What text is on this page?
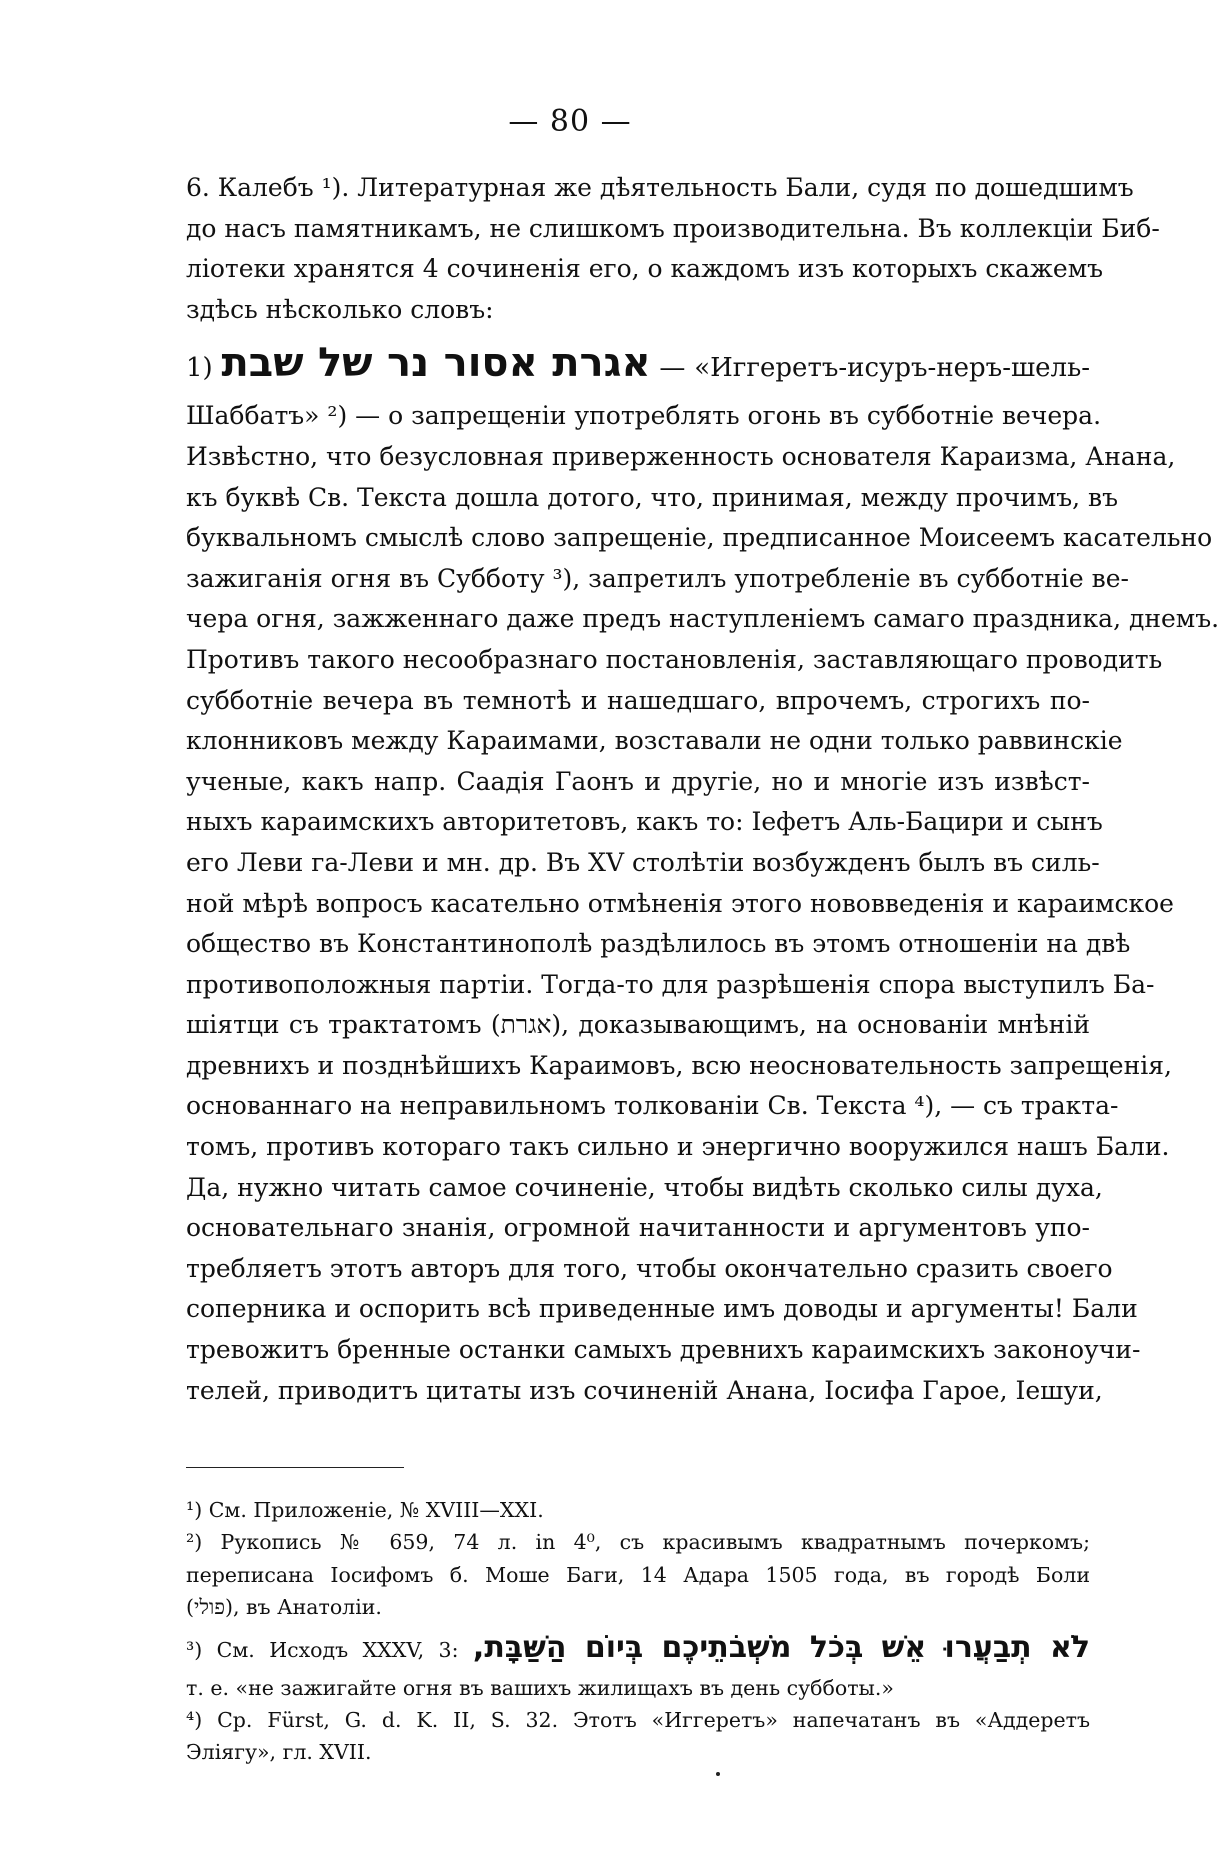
— 80 —
6. Калебъ ¹). Литературная же дѣятельность Бали, судя по дошедшимъ
до насъ памятникамъ, не слишкомъ производительна. Въ коллекціи Биб-
ліотеки хранятся 4 сочиненія его, о каждомъ изъ которыхъ скажемъ
здѣсь нѣсколько словъ:
1) אגרת אסור נר של שבת — «Иггеретъ-исуръ-неръ-шель-
Шаббатъ» ²) — о запрещеніи употреблять огонь въ субботніе вечера.
Извѣстно, что безусловная приверженность основателя Караизма, Анана,
къ буквѣ Св. Текста дошла дотого, что, принимая, между прочимъ, въ
буквальномъ смыслѣ слово запрещеніе, предписанное Моисеемъ касательно
зажиганія огня въ Субботу ³), запретилъ употребленіе въ субботніе ве-
чера огня, зажженнаго даже предъ наступленіемъ самаго праздника, днемъ.
Противъ такого несообразнаго постановленія, заставляющаго проводить
субботніе вечера въ темнотѣ и нашедшаго, впрочемъ, строгихъ по-
клонниковъ между Караимами, возставали не одни только раввинскіе
ученые, какъ напр. Саадія Гаонъ и другіе, но и многіе изъ извѣст-
ныхъ караимскихъ авторитетовъ, какъ то: Іефетъ Аль-Бацири и сынъ
его Леви га-Леви и мн. др. Въ XV столѣтіи возбужденъ былъ въ силь-
ной мѣрѣ вопросъ касательно отмѣненія этого нововведенія и караимское
общество въ Константинополѣ раздѣлилось въ этомъ отношеніи на двѣ
противоположныя партіи. Тогда-то для разрѣшенія спора выступилъ Ба-
шіятци съ трактатомъ (אגרת), доказывающимъ, на основаніи мнѣній
древнихъ и позднѣйшихъ Караимовъ, всю неосновательность запрещенія,
основаннаго на неправильномъ толкованіи Св. Текста ⁴), — съ тракта-
томъ, противъ котораго такъ сильно и энергично вооружился нашъ Бали.
Да, нужно читать самое сочиненіе, чтобы видѣть сколько силы духа,
основательнаго знанія, огромной начитанности и аргументовъ упо-
требляетъ этотъ авторъ для того, чтобы окончательно сразить своего
соперника и оспорить всѣ приведенные имъ доводы и аргументы! Бали
тревожитъ бренные останки самыхъ древнихъ караимскихъ законоучи-
телей, приводитъ цитаты изъ сочиненій Анана, Іосифа Гарое, Іешуи,
¹) См. Приложеніе, № XVIII—XXI.
²) Рукопись № 659, 74 л. in 4⁰, съ красивымъ квадратнымъ почеркомъ;
переписана Іосифомъ б. Моше Баги, 14 Адара 1505 года, въ городѣ Боли
(פולי), въ Анатоліи.
³) См. Исходъ XXXV, 3: לֹא תְבַעֲרוּ אֵשׁ בְּכֹל מֹשְׁבֹתֵיכֶם בְּיוֹם הַשַּׁבָּת,
т. е. «не зажигайте огня въ вашихъ жилищахъ въ день субботы.»
⁴) Ср. Fürst, G. d. K. II, S. 32. Этотъ «Иггеретъ» напечатанъ въ «Аддеретъ
Эліягу», гл. XVII.
